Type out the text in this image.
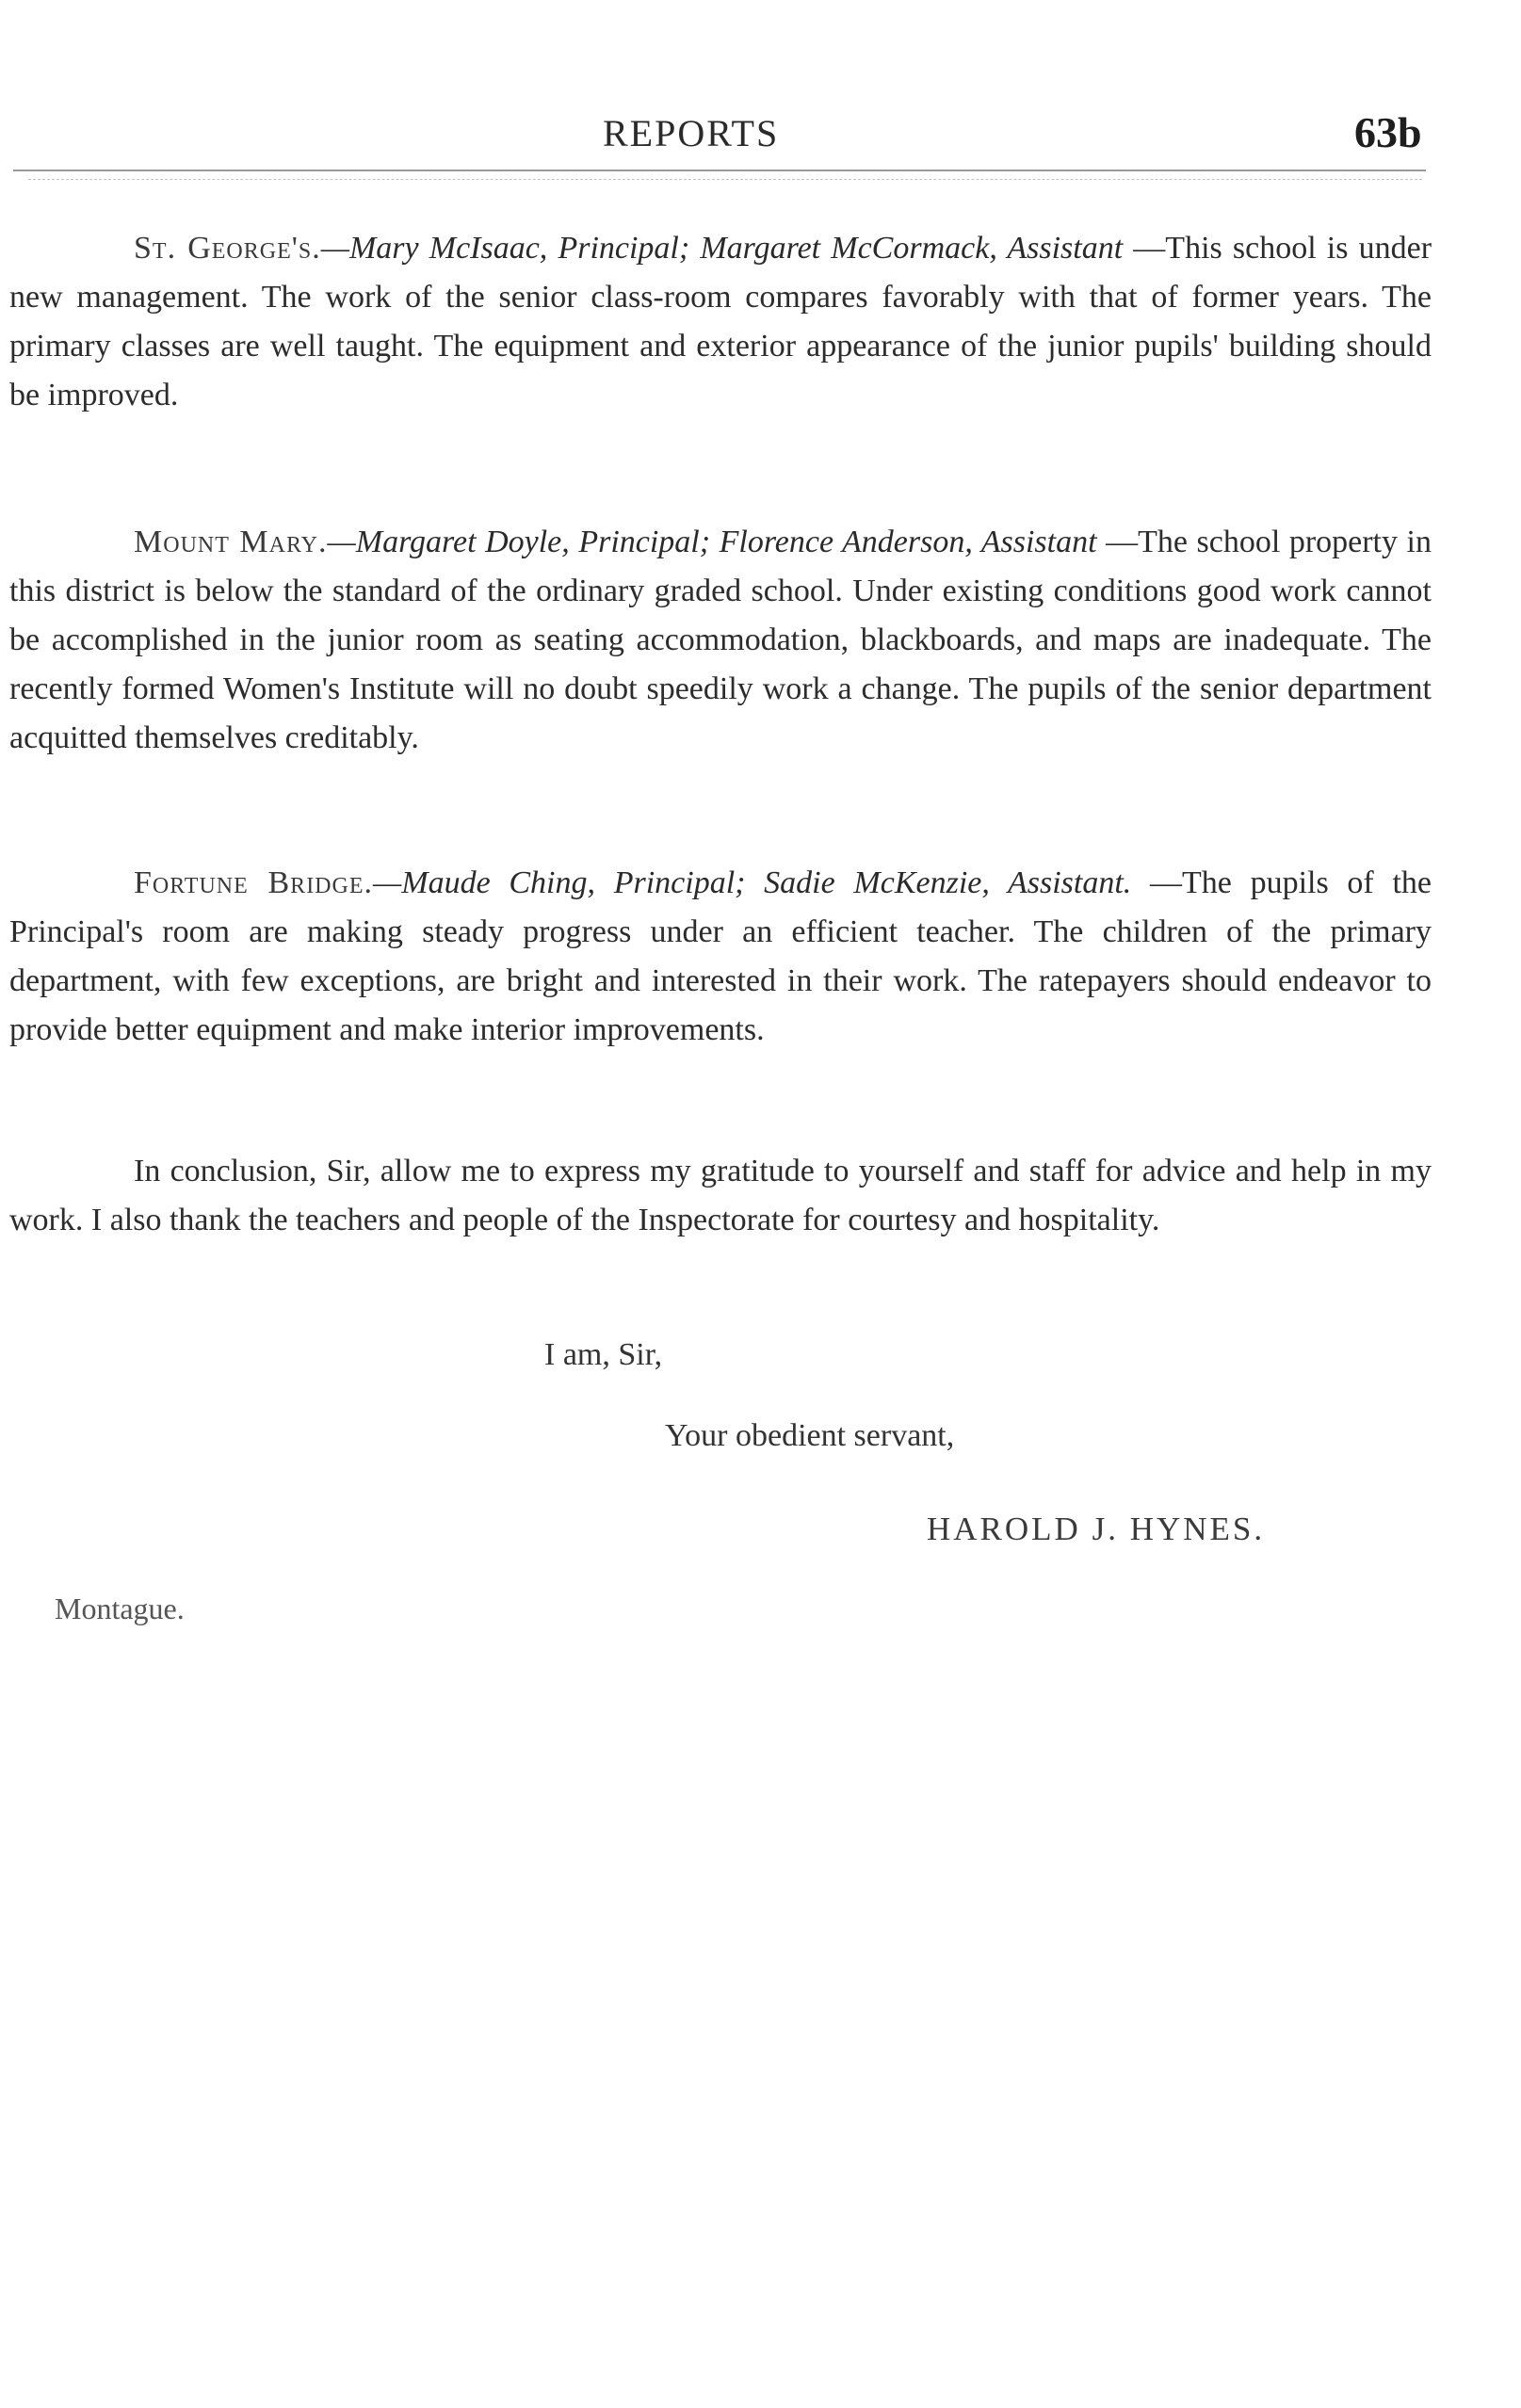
REPORTS	63b

St. George's.—Mary McIsaac, Principal; Margaret McCormack, Assistant —This school is under new management. The work of the senior class-room compares favorably with that of former years. The primary classes are well taught. The equipment and exterior appearance of the junior pupils' building should be improved.

Mount Mary.—Margaret Doyle, Principal; Florence Anderson, Assistant —The school property in this district is below the standard of the ordinary graded school. Under existing conditions good work cannot be accomplished in the junior room as seating accommodation, blackboards, and maps are inadequate. The recently formed Women's Institute will no doubt speedily work a change. The pupils of the senior department acquitted themselves creditably.

Fortune Bridge.—Maude Ching, Principal; Sadie McKenzie, Assistant. —The pupils of the Principal's room are making steady progress under an efficient teacher. The children of the primary department, with few exceptions, are bright and interested in their work. The ratepayers should endeavor to provide better equipment and make interior improvements.

In conclusion, Sir, allow me to express my gratitude to yourself and staff for advice and help in my work. I also thank the teachers and people of the Inspectorate for courtesy and hospitality.

I am, Sir,
Your obedient servant,
HAROLD J. HYNES.
Montague.
